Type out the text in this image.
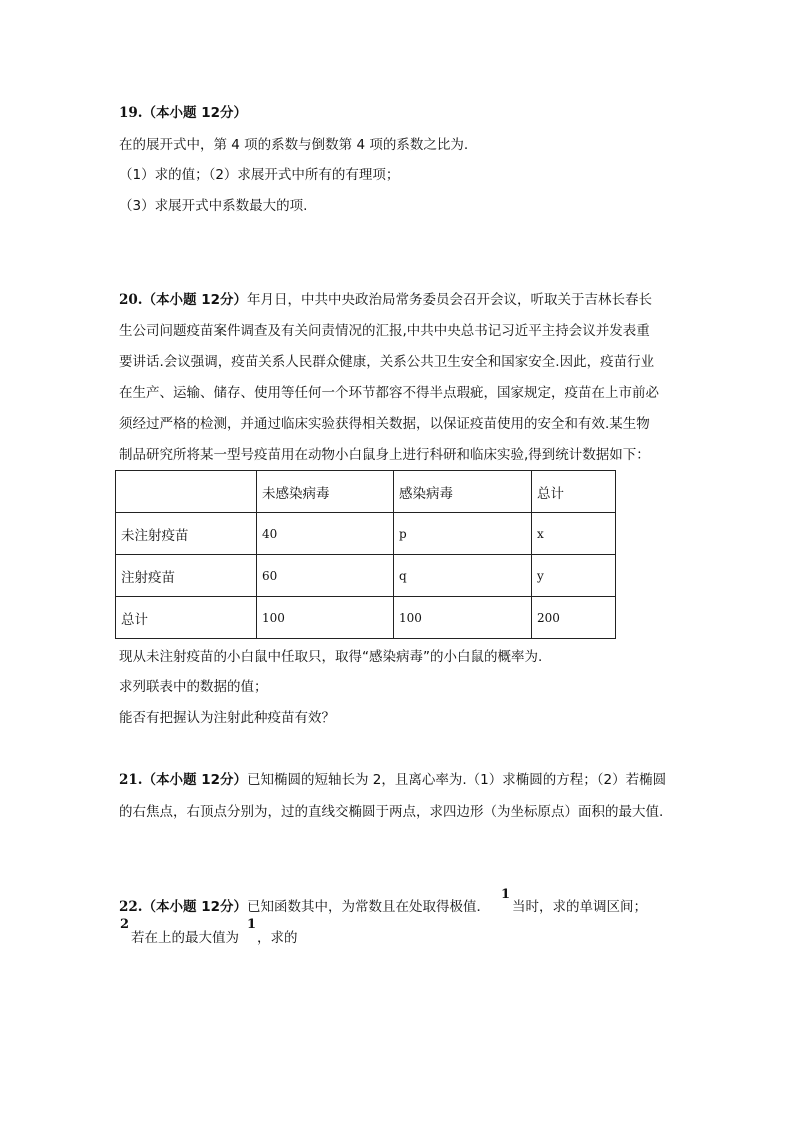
19.（本小题 12分）
在的展开式中，第 4 项的系数与倒数第 4 项的系数之比为.
（1）求的值；（2）求展开式中所有的有理项；
（3）求展开式中系数最大的项.
20.（本小题 12分）年月日，中共中央政治局常务委员会召开会议，听取关于吉林长春长
生公司问题疫苗案件调查及有关问责情况的汇报,中共中央总书记习近平主持会议并发表重
要讲话.会议强调，疫苗关系人民群众健康，关系公共卫生安全和国家安全.因此，疫苗行业
在生产、运输、储存、使用等任何一个环节都容不得半点瑕疵，国家规定，疫苗在上市前必
须经过严格的检测，并通过临床实验获得相关数据，以保证疫苗使用的安全和有效.某生物
制品研究所将某一型号疫苗用在动物小白鼠身上进行科研和临床实验,得到统计数据如下：
	未感染病毒	感染病毒	总计
未注射疫苗	40	p	x
注射疫苗	60	q	y
总计	100	100	200
现从未注射疫苗的小白鼠中任取只，取得“感染病毒”的小白鼠的概率为.
求列联表中的数据的值；
能否有把握认为注射此种疫苗有效？
21.（本小题 12分）已知椭圆的短轴长为 2，且离心率为.（1）求椭圆的方程；（2）若椭圆
的右焦点，右顶点分别为，过的直线交椭圆于两点，求四边形（为坐标原点）面积的最大值.
22.（本小题 12分）已知函数其中，为常数且在处取得极值．
1
当时，求的单调区间；
2
若在上的最大值为
1
，求的
